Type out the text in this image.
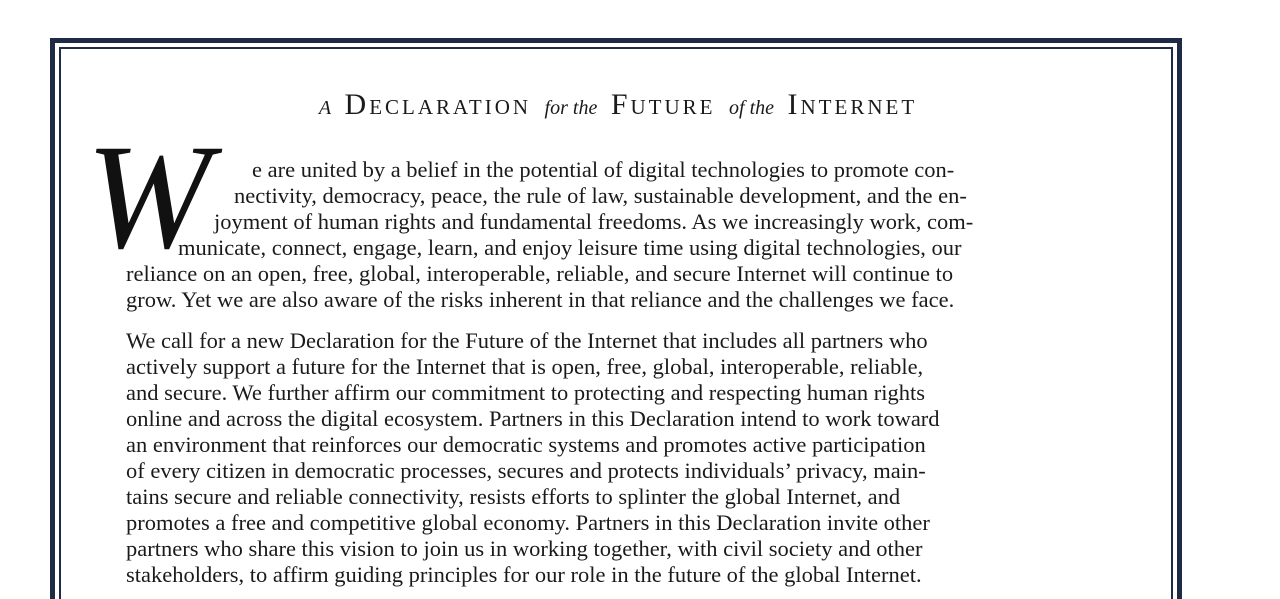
A Declaration for the Future of the Internet
W e are united by a belief in the potential of digital technologies to promote con-
nectivity, democracy, peace, the rule of law, sustainable development, and the en-
joyment of human rights and fundamental freedoms. As we increasingly work, com-
municate, connect, engage, learn, and enjoy leisure time using digital technologies, our
reliance on an open, free, global, interoperable, reliable, and secure Internet will continue to
grow. Yet we are also aware of the risks inherent in that reliance and the challenges we face.
We call for a new Declaration for the Future of the Internet that includes all partners who
actively support a future for the Internet that is open, free, global, interoperable, reliable,
and secure. We further affirm our commitment to protecting and respecting human rights
online and across the digital ecosystem. Partners in this Declaration intend to work toward
an environment that reinforces our democratic systems and promotes active participation
of every citizen in democratic processes, secures and protects individuals’ privacy, main-
tains secure and reliable connectivity, resists efforts to splinter the global Internet, and
promotes a free and competitive global economy. Partners in this Declaration invite other
partners who share this vision to join us in working together, with civil society and other
stakeholders, to affirm guiding principles for our role in the future of the global Internet.
